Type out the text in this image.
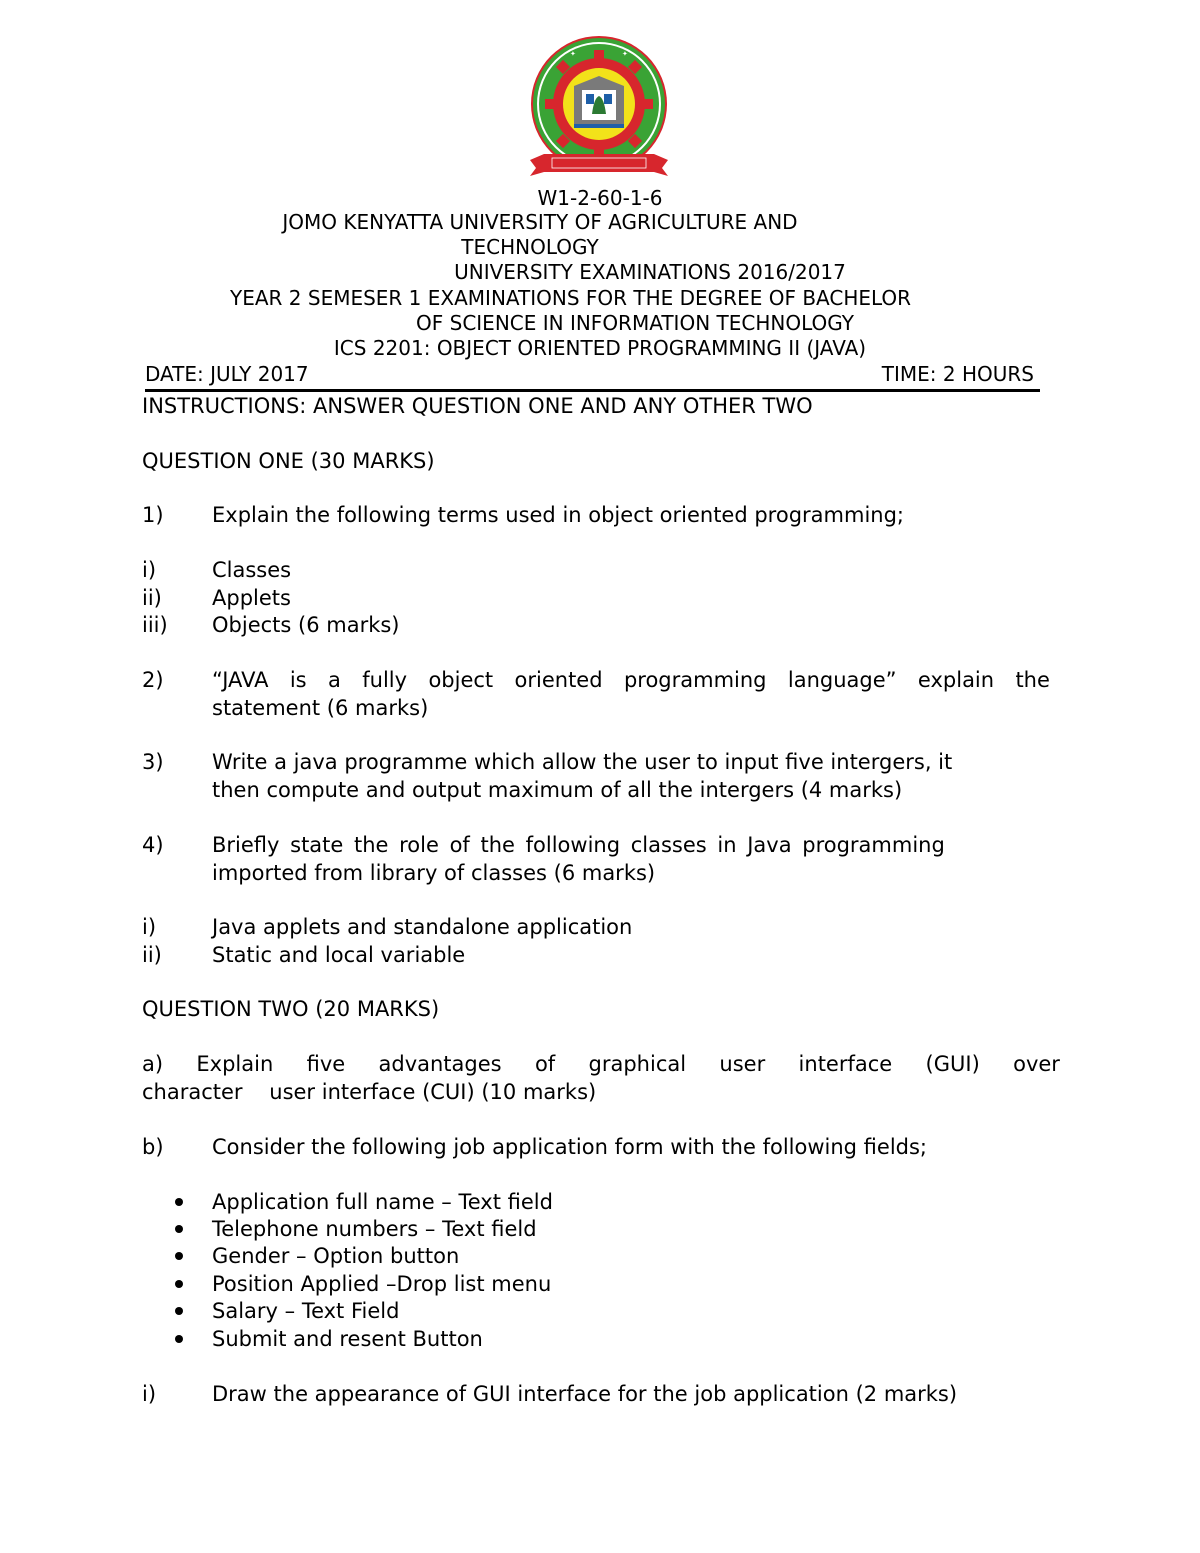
✦	✦
W1-2-60-1-6
JOMO KENYATTA UNIVERSITY OF AGRICULTURE AND
TECHNOLOGY
UNIVERSITY EXAMINATIONS 2016/2017
YEAR 2 SEMESER 1 EXAMINATIONS FOR THE DEGREE OF BACHELOR
OF SCIENCE IN INFORMATION TECHNOLOGY
ICS 2201: OBJECT ORIENTED PROGRAMMING II (JAVA)
DATE: JULY 2017	TIME: 2 HOURS
INSTRUCTIONS: ANSWER QUESTION ONE AND ANY OTHER TWO
QUESTION ONE (30 MARKS)
1) Explain the following terms used in object oriented programming;
i)	Classes
ii) Applets
iii) Objects (6 marks)
2) “JAVA is a fully object oriented programming language” explain the
statement (6 marks)
3) Write a java programme which allow the user to input five intergers, it
then compute and output maximum of all the intergers (4 marks)
4) Briefly state the role of the following classes in Java programming
imported from library of classes (6 marks)
i)	Java applets and standalone application
ii) Static and local variable
QUESTION TWO (20 MARKS)
a) Explain five advantages of graphical user interface (GUI) over
character    user interface (CUI) (10 marks)
b) Consider the following job application form with the following fields;
Application full name – Text field
Telephone numbers – Text field
Gender – Option button
Position Applied –Drop list menu
Salary – Text Field
Submit and resent Button
i)	Draw the appearance of GUI interface for the job application (2 marks)
